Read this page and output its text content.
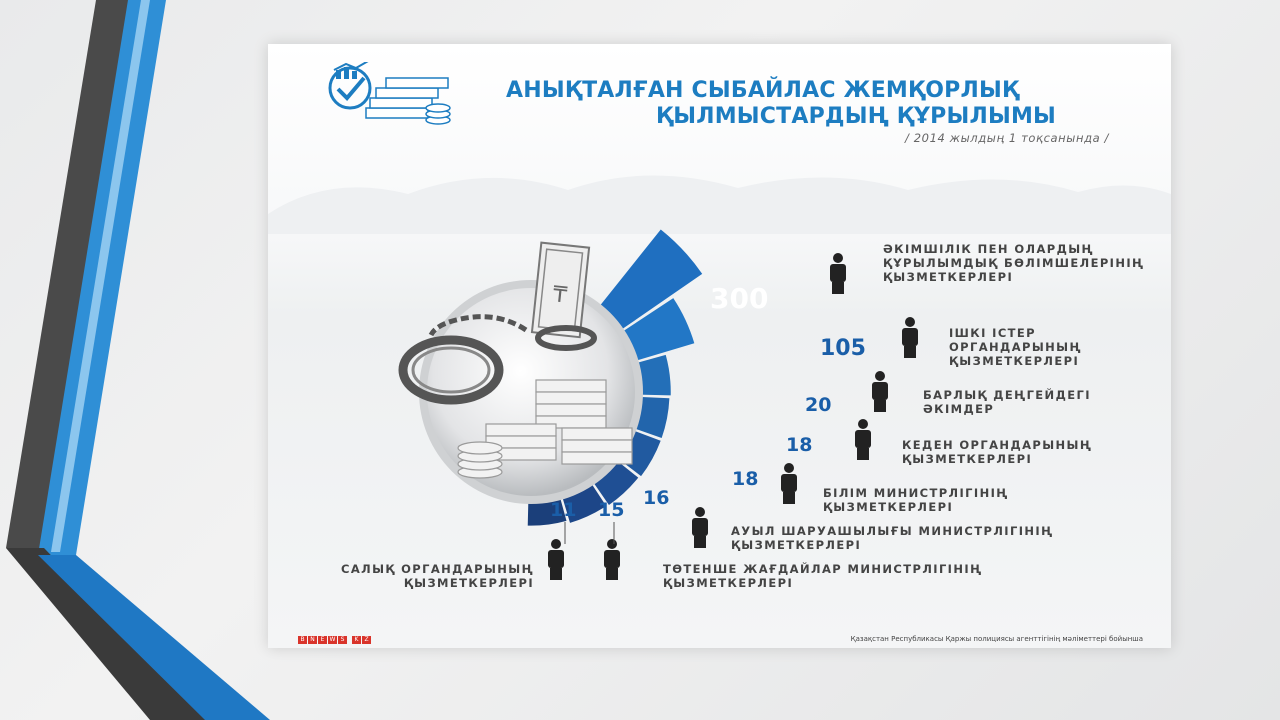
АНЫҚТАЛҒАН СЫБАЙЛАС ЖЕМҚОРЛЫҚ
ҚЫЛМЫСТАРДЫҢ ҚҰРЫЛЫМЫ
/ 2014 жылдың 1 тоқсанында /
₸
ӘКІМШІЛІК ПЕН ОЛАРДЫҢ ҚҰРЫЛЫМДЫҚ БӨЛІМШЕЛЕРІНІҢ ҚЫЗМЕТКЕРЛЕРІ
ІШКІ ІСТЕР ОРГАНДАРЫНЫҢ ҚЫЗМЕТКЕРЛЕРІ
БАРЛЫҚ ДЕҢГЕЙДЕГІ ӘКІМДЕР
КЕДЕН ОРГАНДАРЫНЫҢ ҚЫЗМЕТКЕРЛЕРІ
БІЛІМ МИНИСТРЛІГІНІҢ ҚЫЗМЕТКЕРЛЕРІ
АУЫЛ ШАРУАШЫЛЫҒЫ МИНИСТРЛІГІНІҢ ҚЫЗМЕТКЕРЛЕРІ
ТӨТЕНШЕ ЖАҒДАЙЛАР МИНИСТРЛІГІНІҢ ҚЫЗМЕТКЕРЛЕРІ
САЛЫҚ ОРГАНДАРЫНЫҢ ҚЫЗМЕТКЕРЛЕРІ
300
105
20
18
18
16
15
11
B N E W S	K Z	Қазақстан Республикасы Қаржы полициясы агенттігінің мәліметтері бойынша
